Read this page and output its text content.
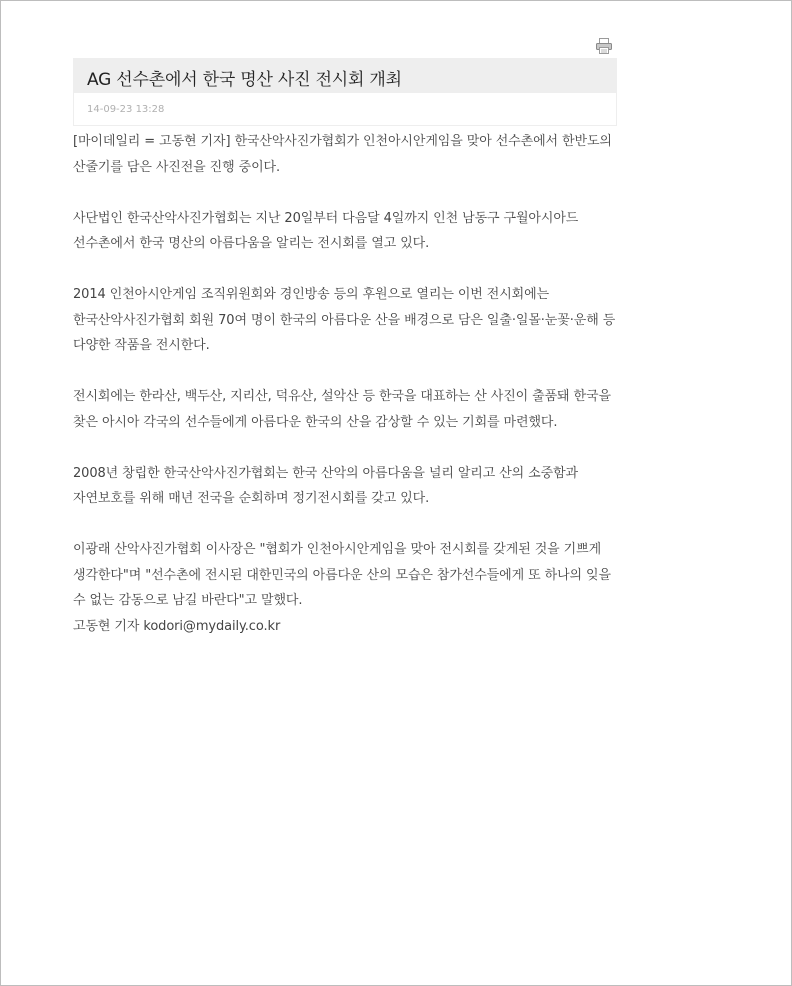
AG 선수촌에서 한국 명산 사진 전시회 개최
14-09-23 13:28

[마이데일리 = 고동현 기자] 한국산악사진가협회가 인천아시안게임을 맞아 선수촌에서 한반도의 산줄기를 담은 사진전을 진행 중이다.

사단법인 한국산악사진가협회는 지난 20일부터 다음달 4일까지 인천 남동구 구월아시아드 선수촌에서 한국 명산의 아름다움을 알리는 전시회를 열고 있다.

2014 인천아시안게임 조직위원회와 경인방송 등의 후원으로 열리는 이번 전시회에는 한국산악사진가협회 회원 70여 명이 한국의 아름다운 산을 배경으로 담은 일출·일몰·눈꽃·운해 등 다양한 작품을 전시한다.

전시회에는 한라산, 백두산, 지리산, 덕유산, 설악산 등 한국을 대표하는 산 사진이 출품돼 한국을 찾은 아시아 각국의 선수들에게 아름다운 한국의 산을 감상할 수 있는 기회를 마련했다.

2008년 창립한 한국산악사진가협회는 한국 산악의 아름다움을 널리 알리고 산의 소중함과 자연보호를 위해 매년 전국을 순회하며 정기전시회를 갖고 있다.

이광래 산악사진가협회 이사장은 "협회가 인천아시안게임을 맞아 전시회를 갖게된 것을 기쁘게 생각한다"며 "선수촌에 전시된 대한민국의 아름다운 산의 모습은 참가선수들에게 또 하나의 잊을 수 없는 감동으로 남길 바란다"고 말했다.

고동현 기자 kodori@mydaily.co.kr
